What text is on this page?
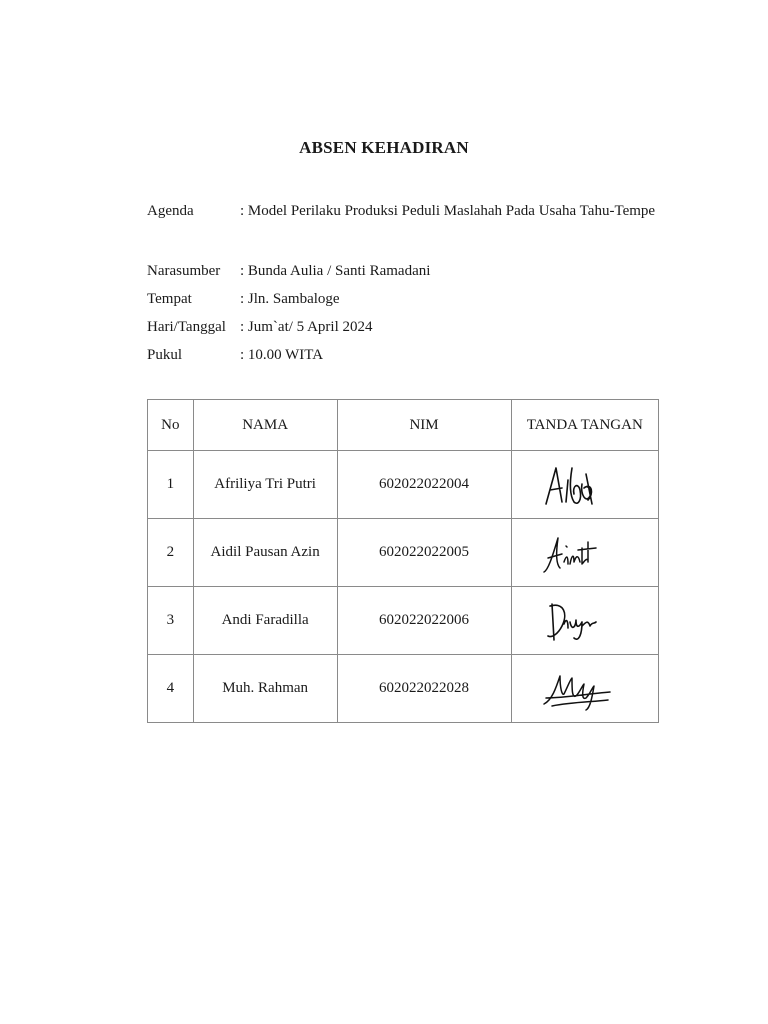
ABSEN KEHADIRAN
Agenda	: Model Perilaku Produksi Peduli Maslahah Pada Usaha Tahu-Tempe
Narasumber : Bunda Aulia / Santi Ramadani
Tempat	: Jln. Sambaloge
Hari/Tanggal : Jum`at/ 5 April 2024
Pukul	: 10.00 WITA
No	NAMA	NIM	TANDA TANGAN
1	Afriliya Tri Putri	602022022004	

2	Aidil Pausan Azin	602022022005	

3	Andi Faradilla	602022022006	

4	Muh. Rahman	602022022028	
